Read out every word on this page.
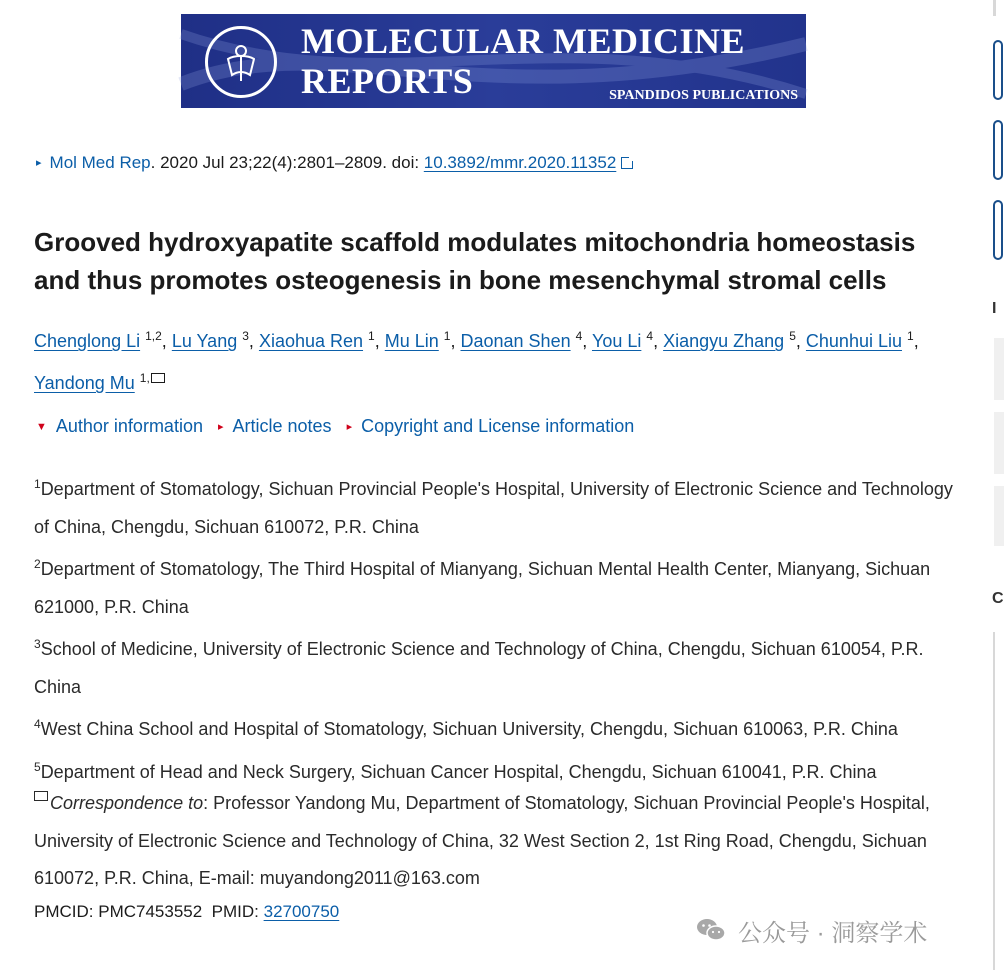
MOLECULAR MEDICINE
REPORTS	SPANDIDOS PUBLICATIONS
▸ Mol Med Rep. 2020 Jul 23;22(4):2801–2809. doi: 10.3892/mmr.2020.11352
Grooved hydroxyapatite scaffold modulates mitochondria homeostasis and thus promotes osteogenesis in bone mesenchymal stromal cells
Chenglong Li $^{1,2}$, Lu Yang $^3$, Xiaohua Ren $^1$, Mu Lin $^1$, Daonan Shen $^4$, You Li $^4$, Xiangyu Zhang $^5$, Chunhui Liu $^1$,
Yandong Mu $^{1,}$
▼ Author information ▸ Article notes ▸ Copyright and License information

$^1$Department of Stomatology, Sichuan Provincial People's Hospital, University of Electronic Science and Technology of China, Chengdu, Sichuan 610072, P.R. China

$^2$Department of Stomatology, The Third Hospital of Mianyang, Sichuan Mental Health Center, Mianyang, Sichuan 621000, P.R. China

$^3$School of Medicine, University of Electronic Science and Technology of China, Chengdu, Sichuan 610054, P.R. China

$^4$West China School and Hospital of Stomatology, Sichuan University, Chengdu, Sichuan 610063, P.R. China

$^5$Department of Head and Neck Surgery, Sichuan Cancer Hospital, Chengdu, Sichuan 610041, P.R. China

Correspondence to: Professor Yandong Mu, Department of Stomatology, Sichuan Provincial People's Hospital, University of Electronic Science and Technology of China, 32 West Section 2, 1st Ring Road, Chengdu, Sichuan 610072, P.R. China, E-mail: muyandong2011@163.com
PMCID: PMC7453552 PMID: 32700750
公众号 · 洞察学术
I
C
